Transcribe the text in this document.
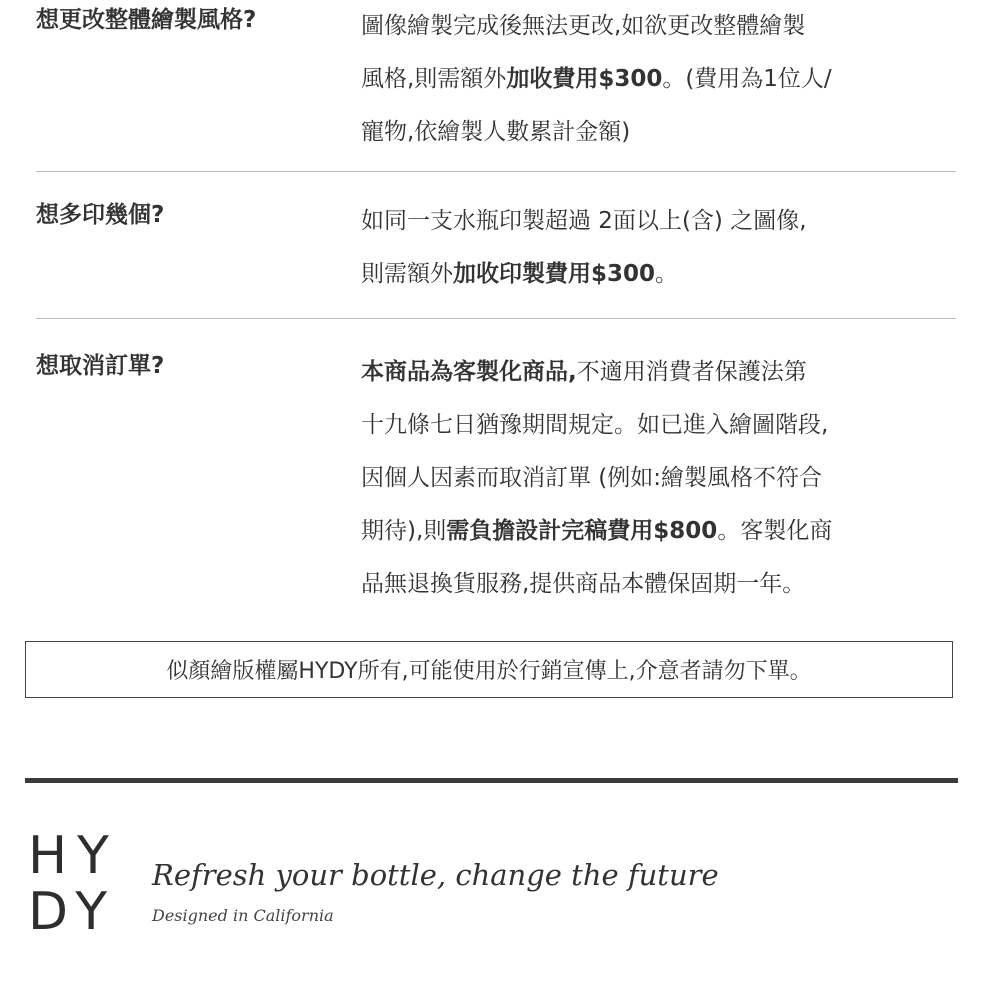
想更改整體繪製風格?	圖像繪製完成後無法更改,如欲更改整體繪製
風格,則需額外加收費用$300。(費用為1位人/
寵物,依繪製人數累計金額)

想多印幾個?	如同一支水瓶印製超過 2面以上(含) 之圖像,
則需額外加收印製費用$300。

想取消訂單?	本商品為客製化商品,不適用消費者保護法第
十九條七日猶豫期間規定。如已進入繪圖階段,
因個人因素而取消訂單 (例如:繪製風格不符合
期待),則需負擔設計完稿費用$800。客製化商
品無退換貨服務,提供商品本體保固期一年。

似顏繪版權屬HYDY所有,可能使用於行銷宣傳上,介意者請勿下單。
HY
DY
Refresh your bottle, change the future
Designed in California
